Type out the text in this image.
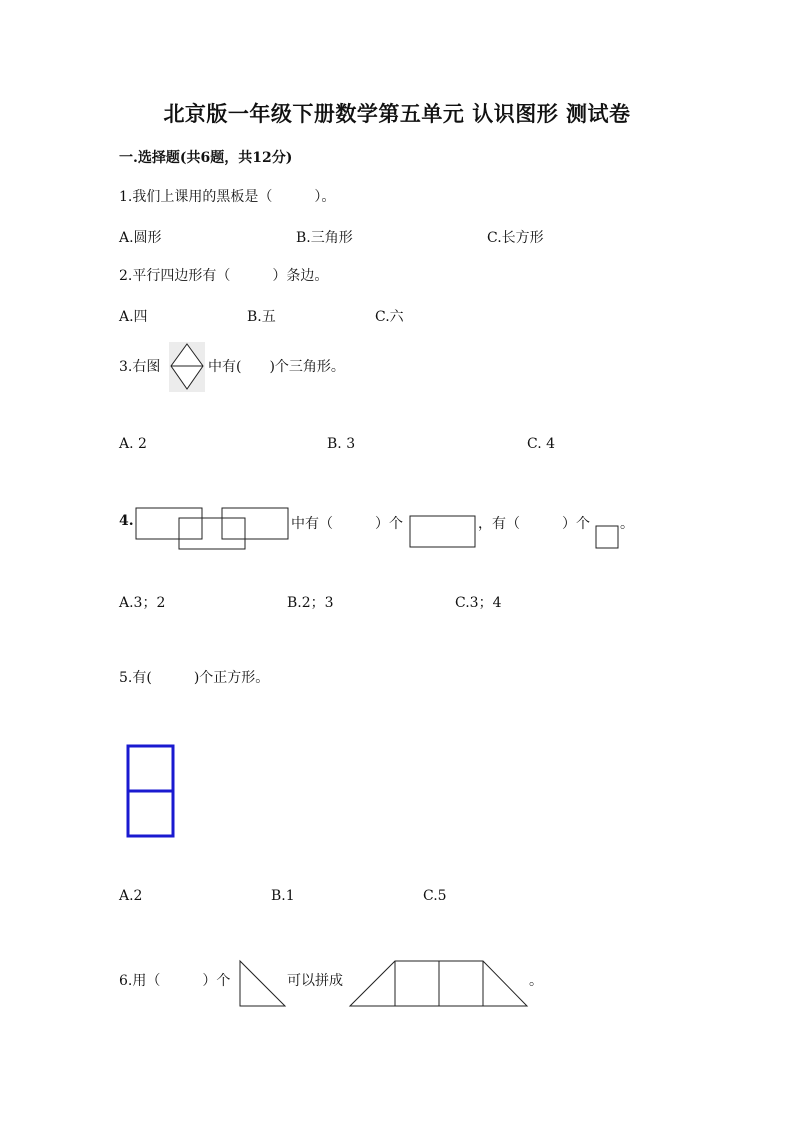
北京版一年级下册数学第五单元 认识图形 测试卷
一.选择题(共6题，共12分)
1.我们上课用的黑板是（　　　）。
A.圆形	B.三角形	C.长方形
2.平行四边形有（　　　）条边。
A.四	B.五	C.六
3.右图	中有(　　)个三角形。
A. 2	B. 3	C. 4
4.	中有（　　　）个	，有（　　　）个 。
A.3；2	B.2；3	C.3；4
5.有(　　　)个正方形。
A.2	B.1	C.5
6.用（　　　）个	可以拼成	。
